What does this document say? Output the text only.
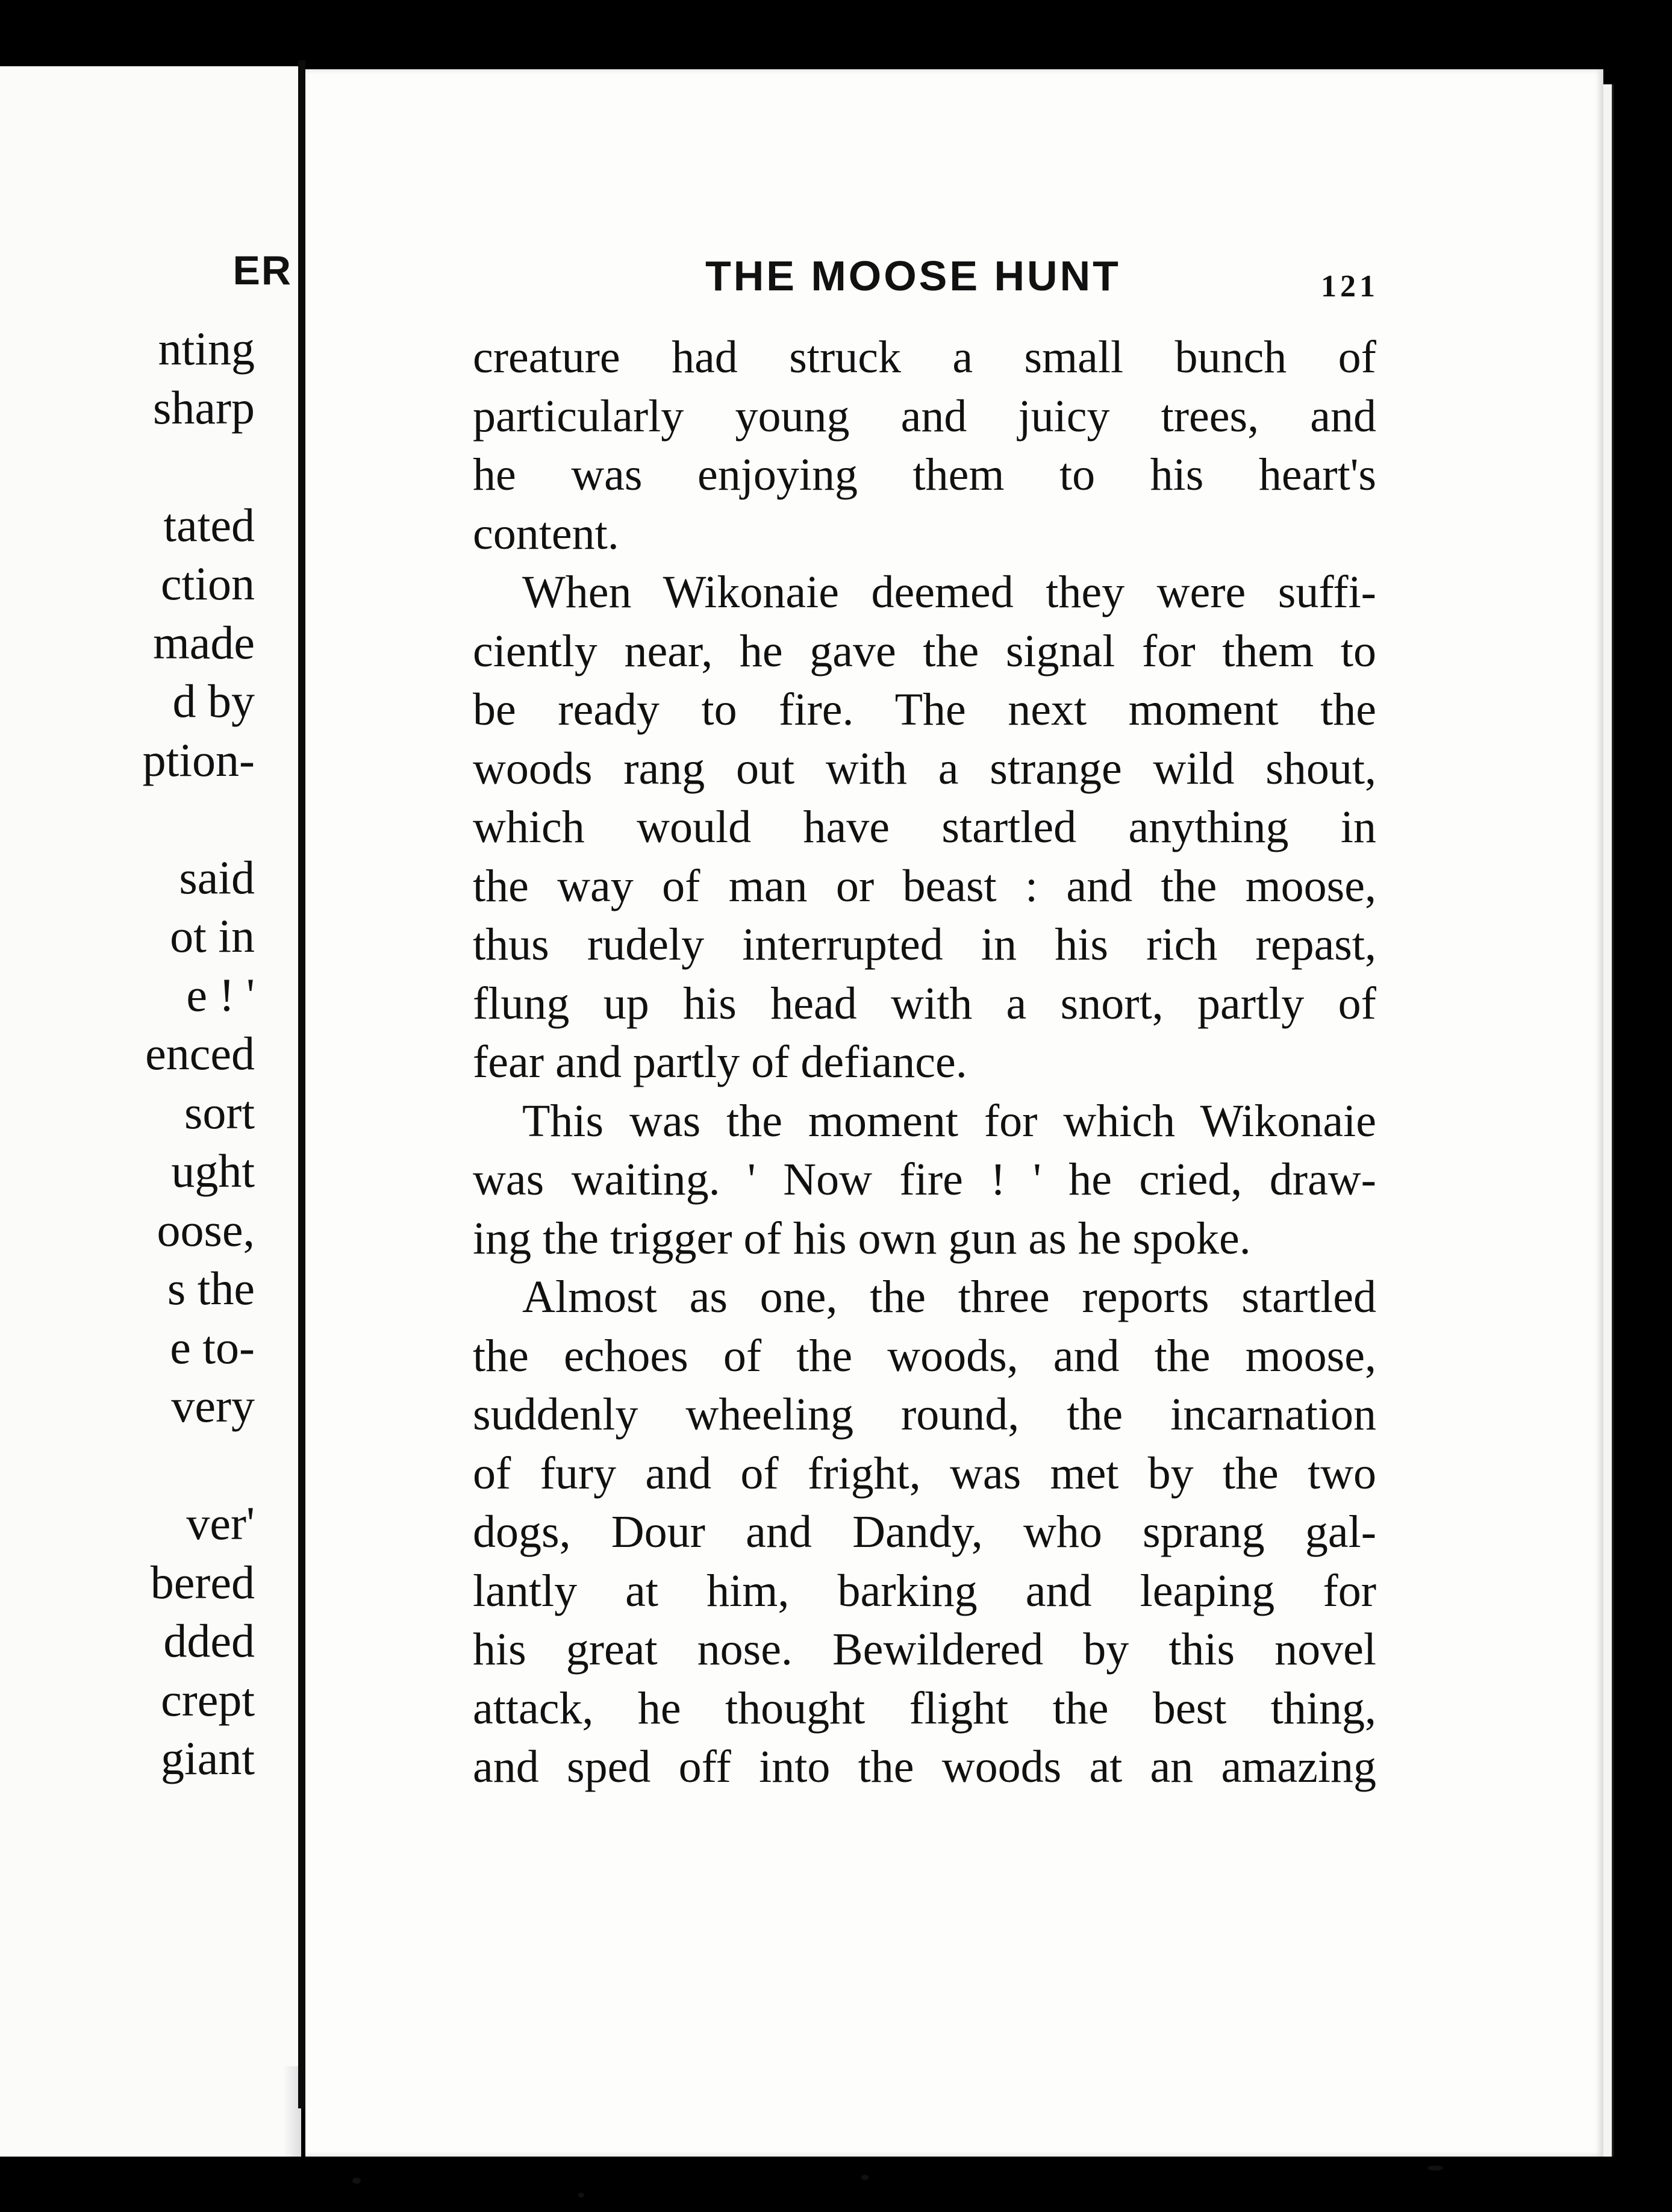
ER
nting
sharp
tated
ction
made
d by
ption-
said
ot in
e ! '
enced
sort
ught
oose,
s the
e to-
very
ver'
bered
dded
crept
giant
THE MOOSE HUNT	121
creature had struck a small bunch of
particularly young and juicy trees, and
he was enjoying them to his heart's
content.
When Wikonaie deemed they were suffi-
ciently near, he gave the signal for them to
be ready to fire. The next moment the
woods rang out with a strange wild shout,
which would have startled anything in
the way of man or beast : and the moose,
thus rudely interrupted in his rich repast,
flung up his head with a snort, partly of
fear and partly of defiance.
This was the moment for which Wikonaie
was waiting. ' Now fire ! ' he cried, draw-
ing the trigger of his own gun as he spoke.
Almost as one, the three reports startled
the echoes of the woods, and the moose,
suddenly wheeling round, the incarnation
of fury and of fright, was met by the two
dogs, Dour and Dandy, who sprang gal-
lantly at him, barking and leaping for
his great nose. Bewildered by this novel
attack, he thought flight the best thing,
and sped off into the woods at an amazing
